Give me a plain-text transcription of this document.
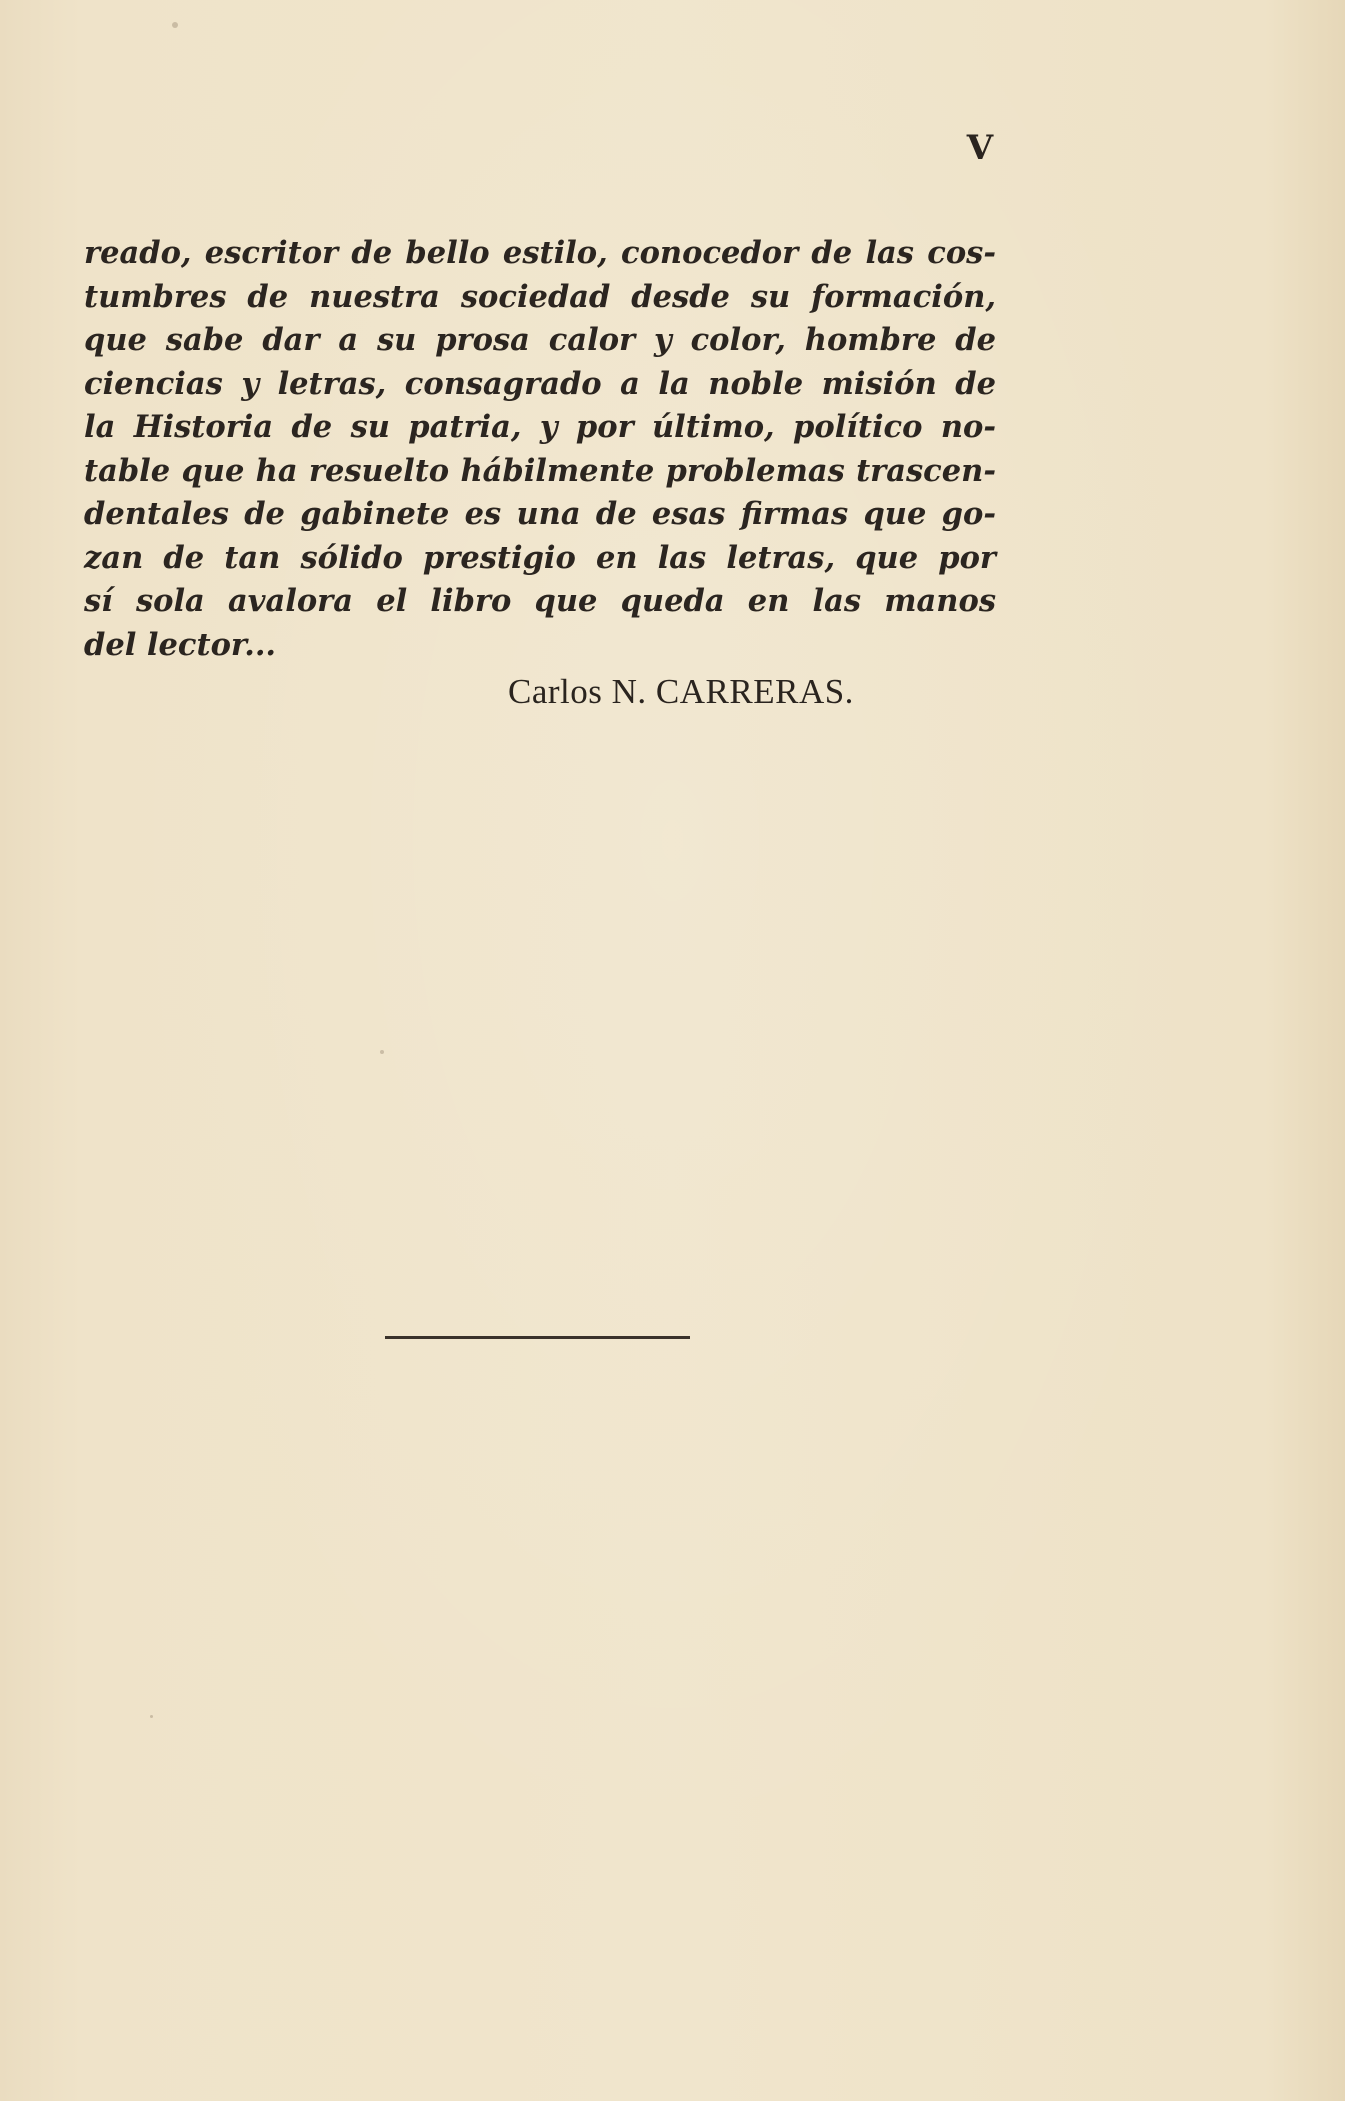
V
reado, escritor de bello estilo, conocedor de las cos-
tumbres de nuestra sociedad desde su formación,
que sabe dar a su prosa calor y color, hombre de
ciencias y letras, consagrado a la noble misión de
la Historia de su patria, y por último, político no-
table que ha resuelto hábilmente problemas trascen-
dentales de gabinete es una de esas firmas que go-
zan de tan sólido prestigio en las letras, que por
sí sola avalora el libro que queda en las manos
del lector...
Carlos N. CARRERAS.
